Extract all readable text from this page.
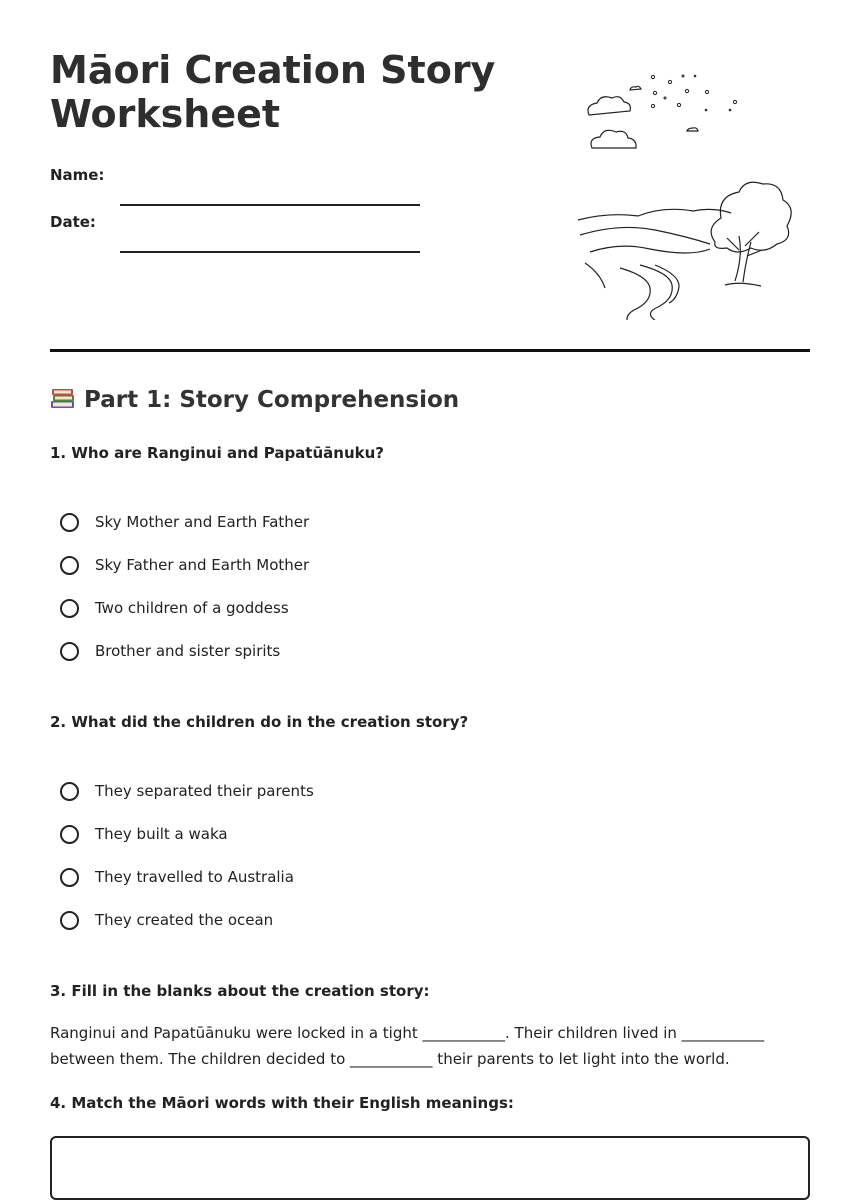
Māori Creation Story Worksheet
Name:
Date:
Part 1: Story Comprehension

1. Who are Ranginui and Papatūānuku?

Sky Mother and Earth Father
Sky Father and Earth Mother
Two children of a goddess
Brother and sister spirits

2. What did the children do in the creation story?

They separated their parents
They built a waka
They travelled to Australia
They created the ocean

3. Fill in the blanks about the creation story:

Ranginui and Papatūānuku were locked in a tight ___________. Their children lived in ___________ between them. The children decided to ___________ their parents to let light into the world.

4. Match the Māori words with their English meanings:
